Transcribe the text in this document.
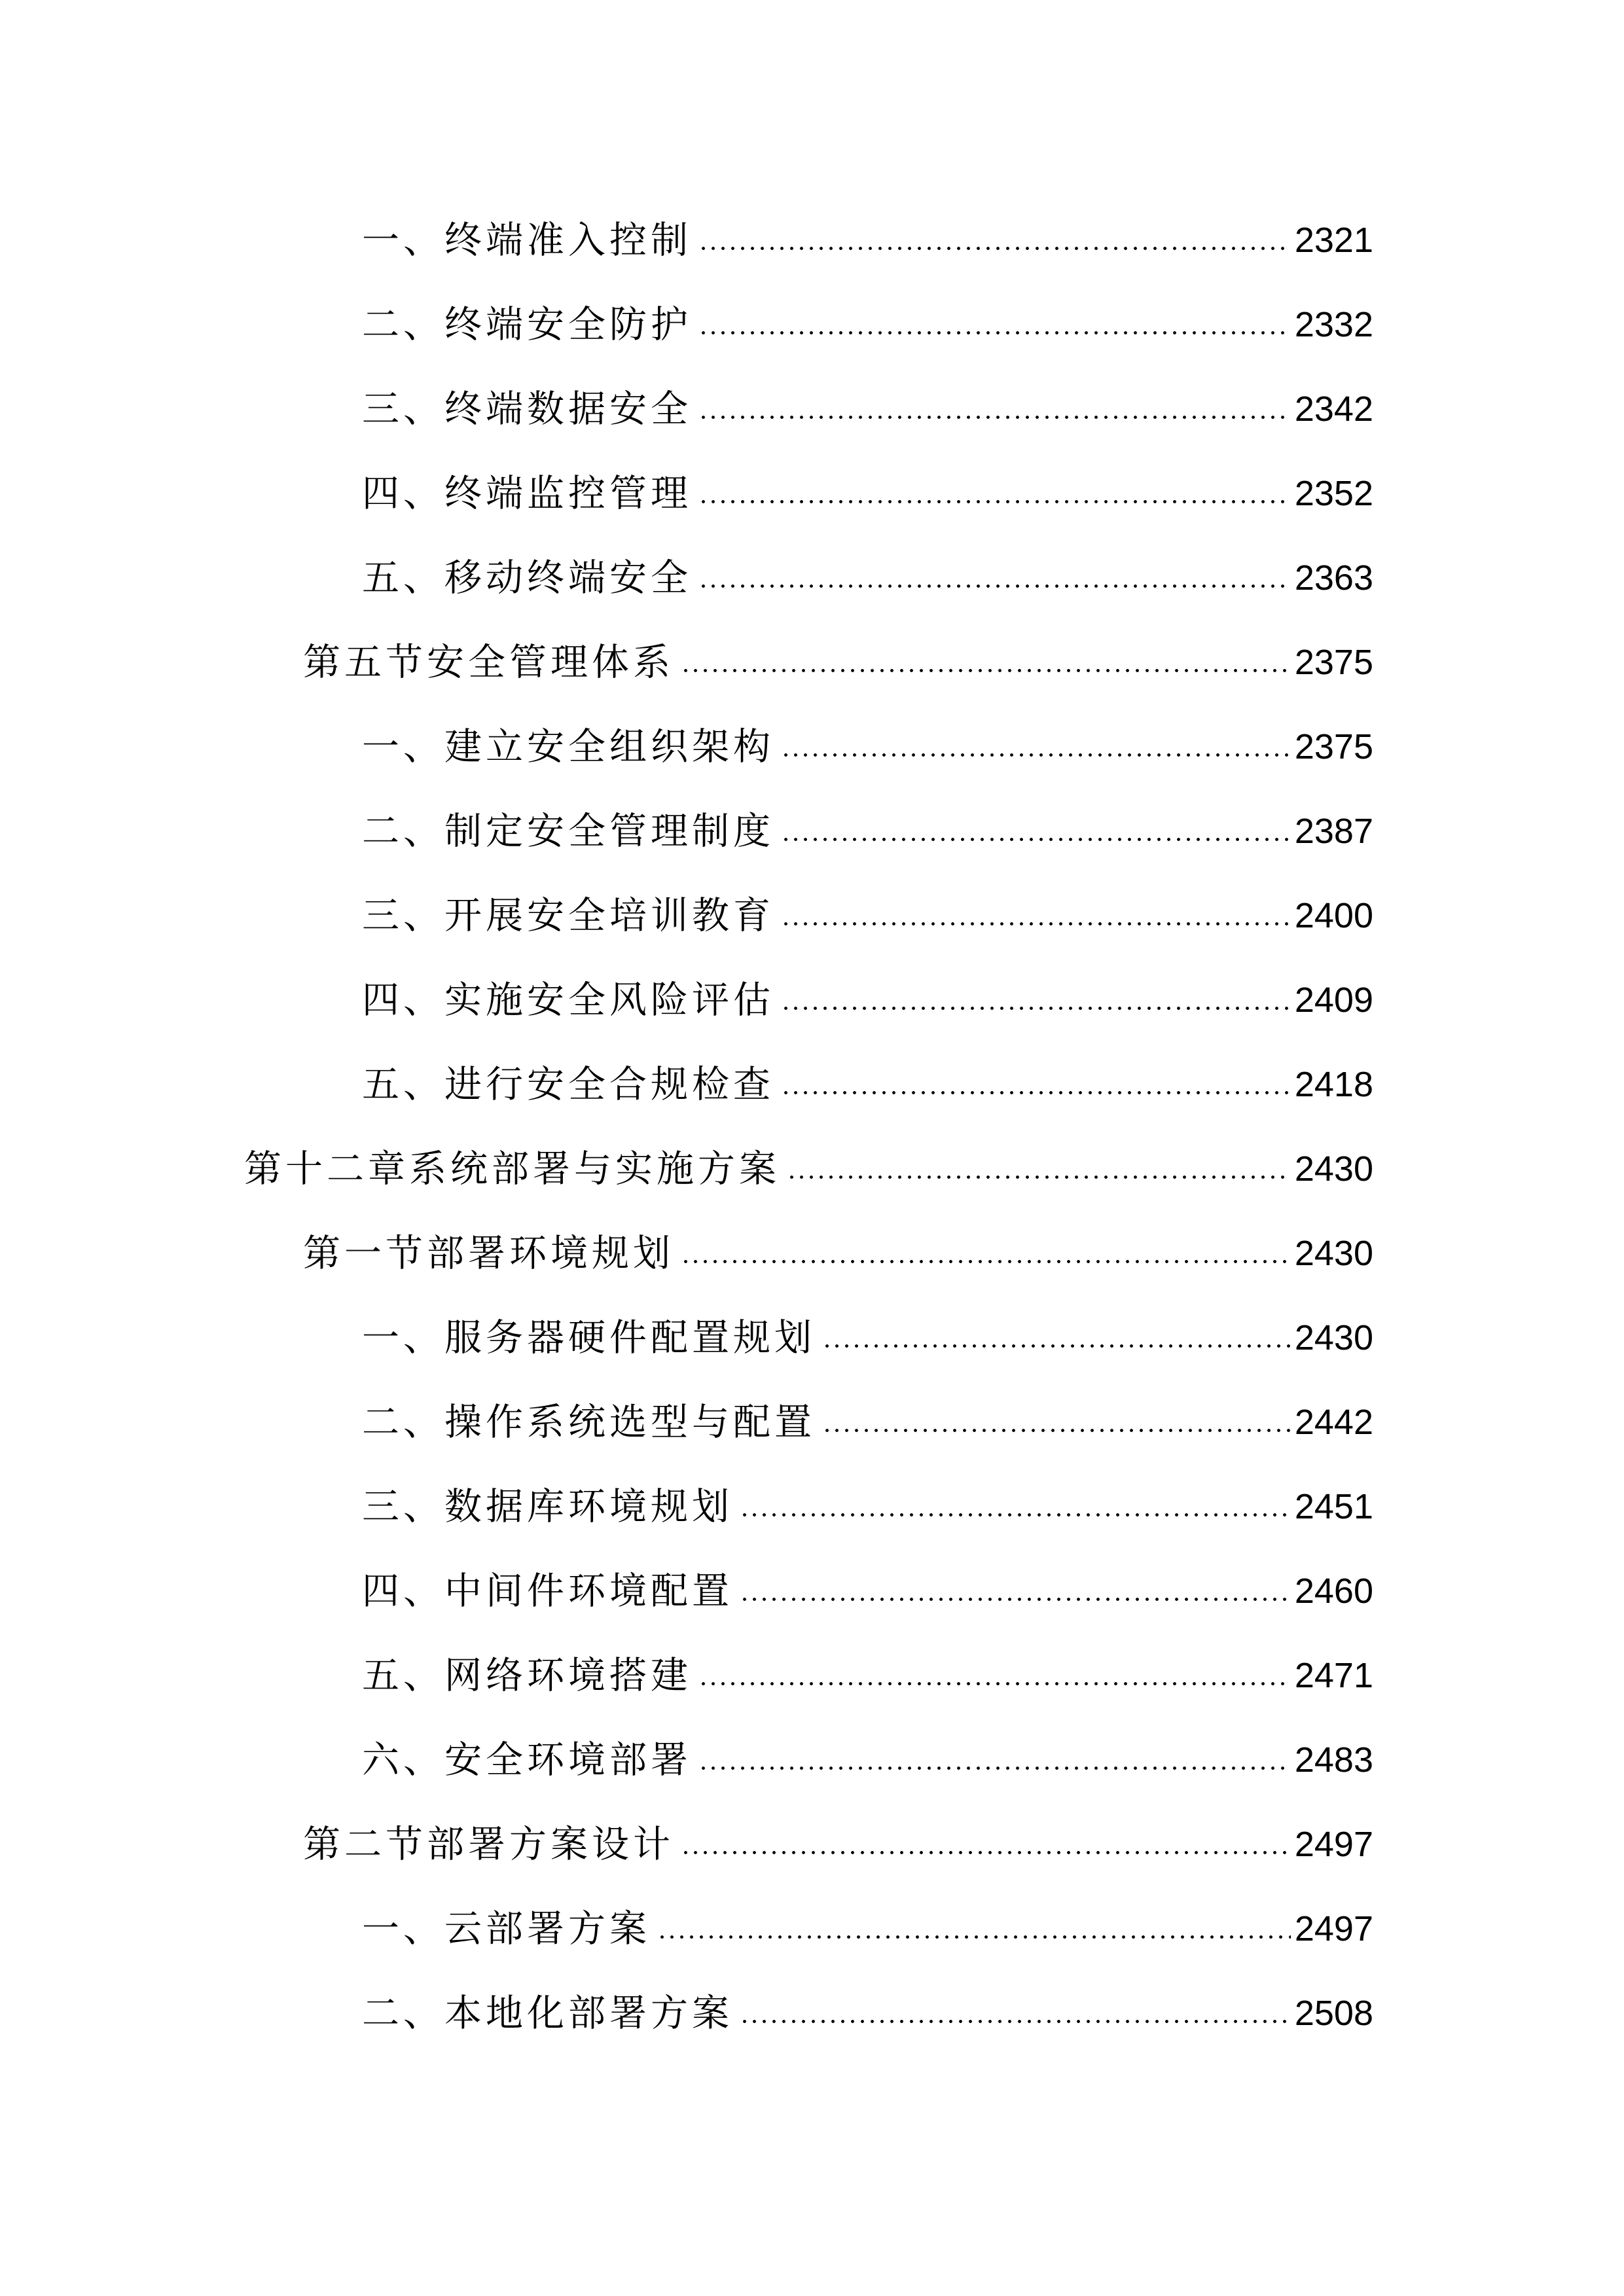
一、终端准入控制	2321
二、终端安全防护	2332
三、终端数据安全	2342
四、终端监控管理	2352
五、移动终端安全	2363
第五节安全管理体系	2375
一、建立安全组织架构	2375
二、制定安全管理制度	2387
三、开展安全培训教育	2400
四、实施安全风险评估	2409
五、进行安全合规检查	2418
第十二章系统部署与实施方案	2430
第一节部署环境规划	2430
一、服务器硬件配置规划	2430
二、操作系统选型与配置	2442
三、数据库环境规划	2451
四、中间件环境配置	2460
五、网络环境搭建	2471
六、安全环境部署	2483
第二节部署方案设计	2497
一、云部署方案	2497
二、本地化部署方案	2508
